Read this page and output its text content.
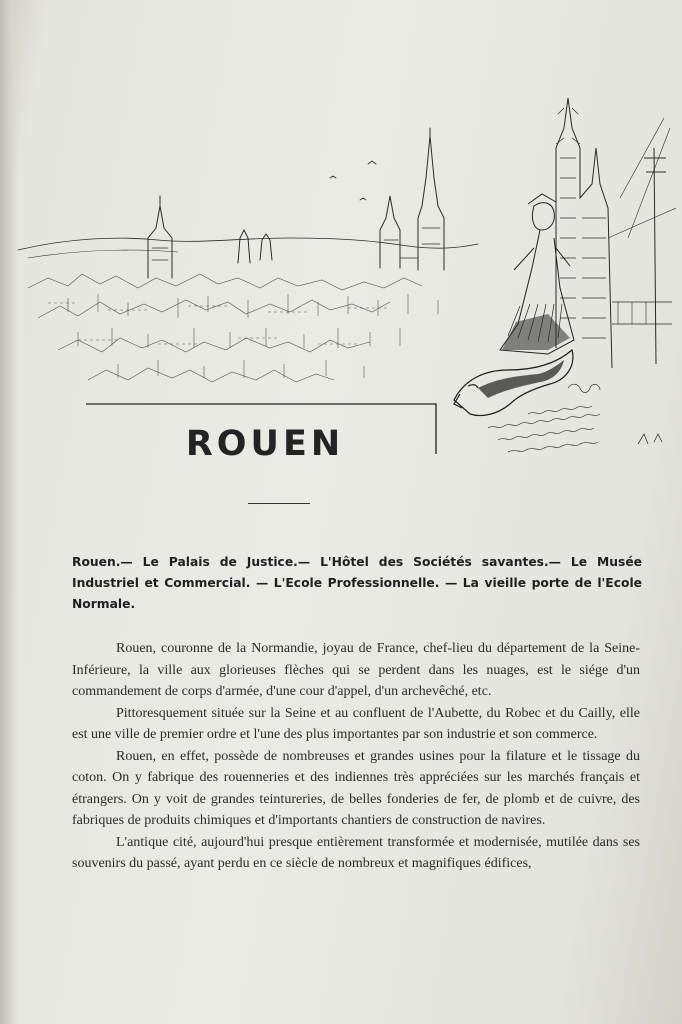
ROUEN

Rouen.— Le Palais de Justice.— L'Hôtel des Sociétés savantes.— Le Musée Industriel et Commercial. — L'Ecole Professionnelle. — La vieille porte de l'Ecole Normale.

Rouen, couronne de la Normandie, joyau de France, chef-lieu du département de la Seine-Inférieure, la ville aux glorieuses flèches qui se perdent dans les nuages, est le siége d'un commandement de corps d'armée, d'une cour d'appel, d'un archevêché, etc.

Pittoresquement située sur la Seine et au confluent de l'Aubette, du Robec et du Cailly, elle est une ville de premier ordre et l'une des plus importantes par son industrie et son commerce.

Rouen, en effet, possède de nombreuses et grandes usines pour la filature et le tissage du coton. On y fabrique des rouenneries et des indiennes très appréciées sur les marchés français et étrangers. On y voit de grandes teintureries, de belles fonderies de fer, de plomb et de cuivre, des fabriques de produits chimiques et d'importants chantiers de construction de navires.

L'antique cité, aujourd'hui presque entièrement transformée et modernisée, mutilée dans ses souvenirs du passé, ayant perdu en ce siècle de nombreux et magnifiques édifices,
